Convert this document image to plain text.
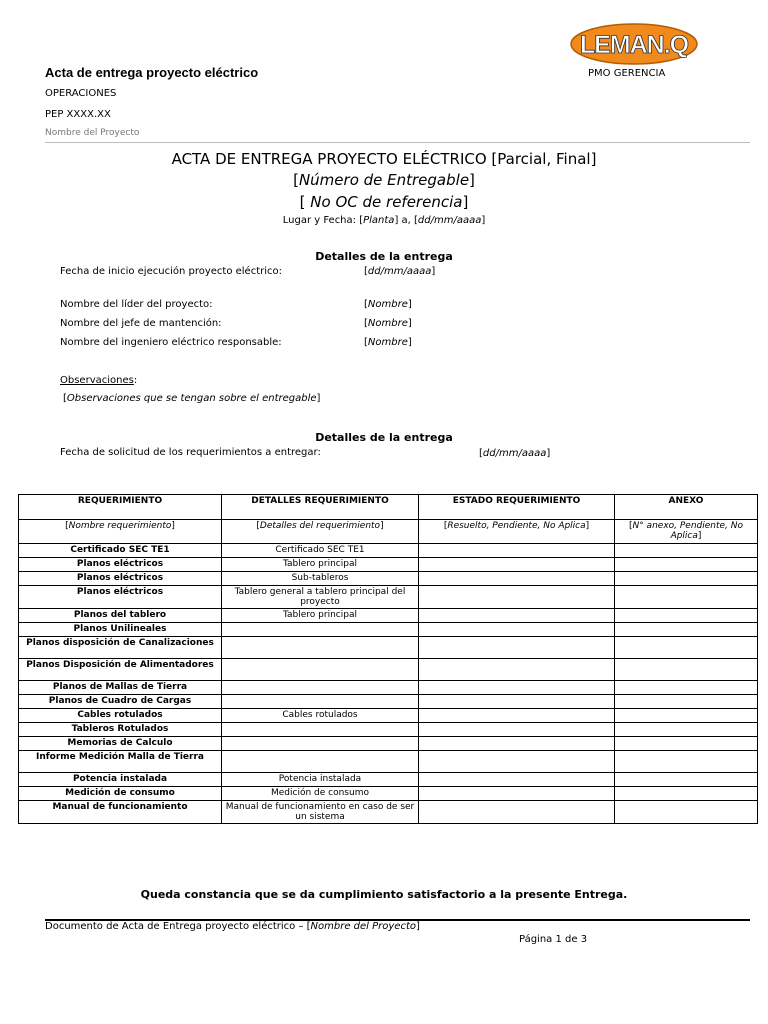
LEMAN.Q
Acta de entrega proyecto eléctrico	PMO GERENCIA
OPERACIONES
PEP XXXX.XX
Nombre del Proyecto
ACTA DE ENTREGA PROYECTO ELÉCTRICO [Parcial, Final]
[Número de Entregable]
[ No OC de referencia]
Lugar y Fecha: [Planta] a, [dd/mm/aaaa]
Detalles de la entrega
Fecha de inicio ejecución proyecto eléctrico:	[dd/mm/aaaa]
Nombre del líder del proyecto:	[Nombre]
Nombre del jefe de mantención:	[Nombre]
Nombre del ingeniero eléctrico responsable:	[Nombre]
Observaciones:
[Observaciones que se tengan sobre el entregable]
Detalles de la entrega
Fecha de solicitud de los requerimientos a entregar:	[dd/mm/aaaa]
REQUERIMIENTO	DETALLES REQUERIMIENTO	ESTADO REQUERIMIENTO	ANEXO
[Nombre requerimiento]	[Detalles del requerimiento]	[Resuelto, Pendiente, No Aplica]	[N° anexo, Pendiente, No Aplica]
Certificado SEC TE1	Certificado SEC TE1		
Planos eléctricos	Tablero principal		
Planos eléctricos	Sub-tableros		
Planos eléctricos	Tablero general a tablero principal del proyecto		
Planos del tablero	Tablero principal		
Planos Unilineales			
Planos disposición de Canalizaciones			
Planos Disposición de Alimentadores			
Planos de Mallas de Tierra			
Planos de Cuadro de Cargas			
Cables rotulados	Cables rotulados		
Tableros Rotulados			
Memorias de Calculo			
Informe Medición Malla de Tierra			
Potencia instalada	Potencia instalada		
Medición de consumo	Medición de consumo		
Manual de funcionamiento	Manual de funcionamiento en caso de ser un sistema		
Queda constancia que se da cumplimiento satisfactorio a la presente Entrega.
Documento de Acta de Entrega proyecto eléctrico – [Nombre del Proyecto]
Página 1 de 3
